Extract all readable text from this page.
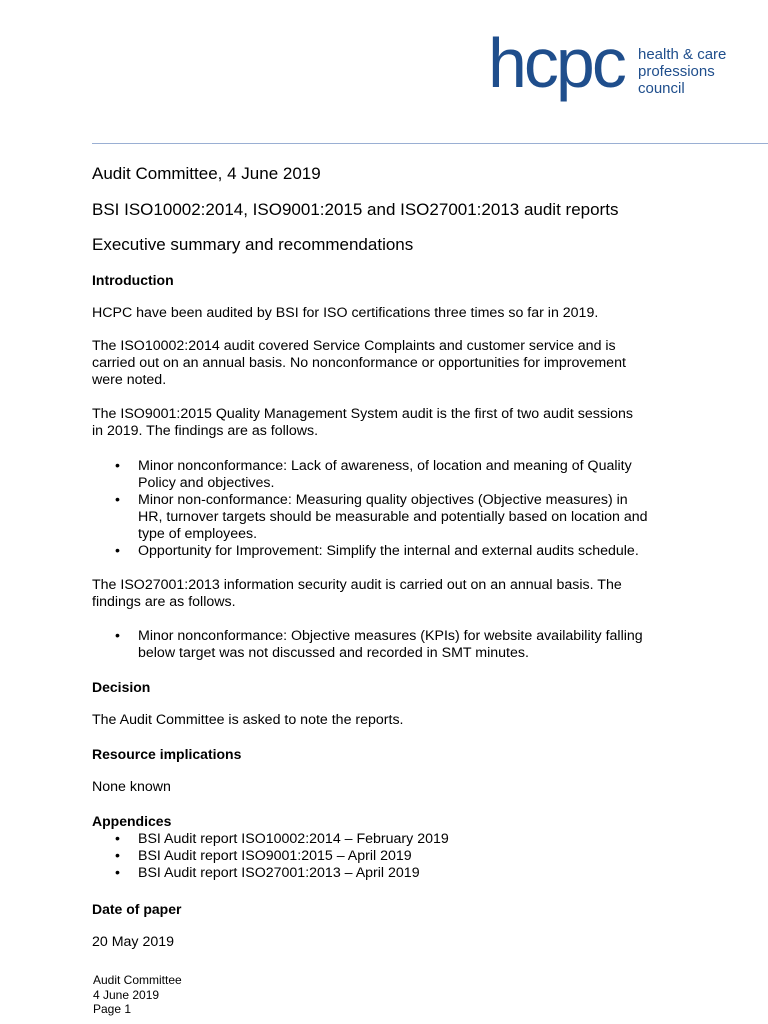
hcpc health & care
professions
council
Audit Committee, 4 June 2019
BSI ISO10002:2014, ISO9001:2015 and ISO27001:2013 audit reports
Executive summary and recommendations
Introduction
HCPC have been audited by BSI for ISO certifications three times so far in 2019.
The ISO10002:2014 audit covered Service Complaints and customer service and is
carried out on an annual basis. No nonconformance or opportunities for improvement
were noted.
The ISO9001:2015 Quality Management System audit is the first of two audit sessions
in 2019. The findings are as follows.
• Minor nonconformance: Lack of awareness, of location and meaning of Quality
Policy and objectives.
• Minor non-conformance: Measuring quality objectives (Objective measures) in
HR, turnover targets should be measurable and potentially based on location and
type of employees.
• Opportunity for Improvement: Simplify the internal and external audits schedule.
The ISO27001:2013 information security audit is carried out on an annual basis. The
findings are as follows.
• Minor nonconformance: Objective measures (KPIs) for website availability falling
below target was not discussed and recorded in SMT minutes.
Decision
The Audit Committee is asked to note the reports.
Resource implications
None known
Appendices
• BSI Audit report ISO10002:2014 – February 2019
• BSI Audit report ISO9001:2015 – April 2019
• BSI Audit report ISO27001:2013 – April 2019
Date of paper
20 May 2019
Audit Committee
4 June 2019
Page 1
